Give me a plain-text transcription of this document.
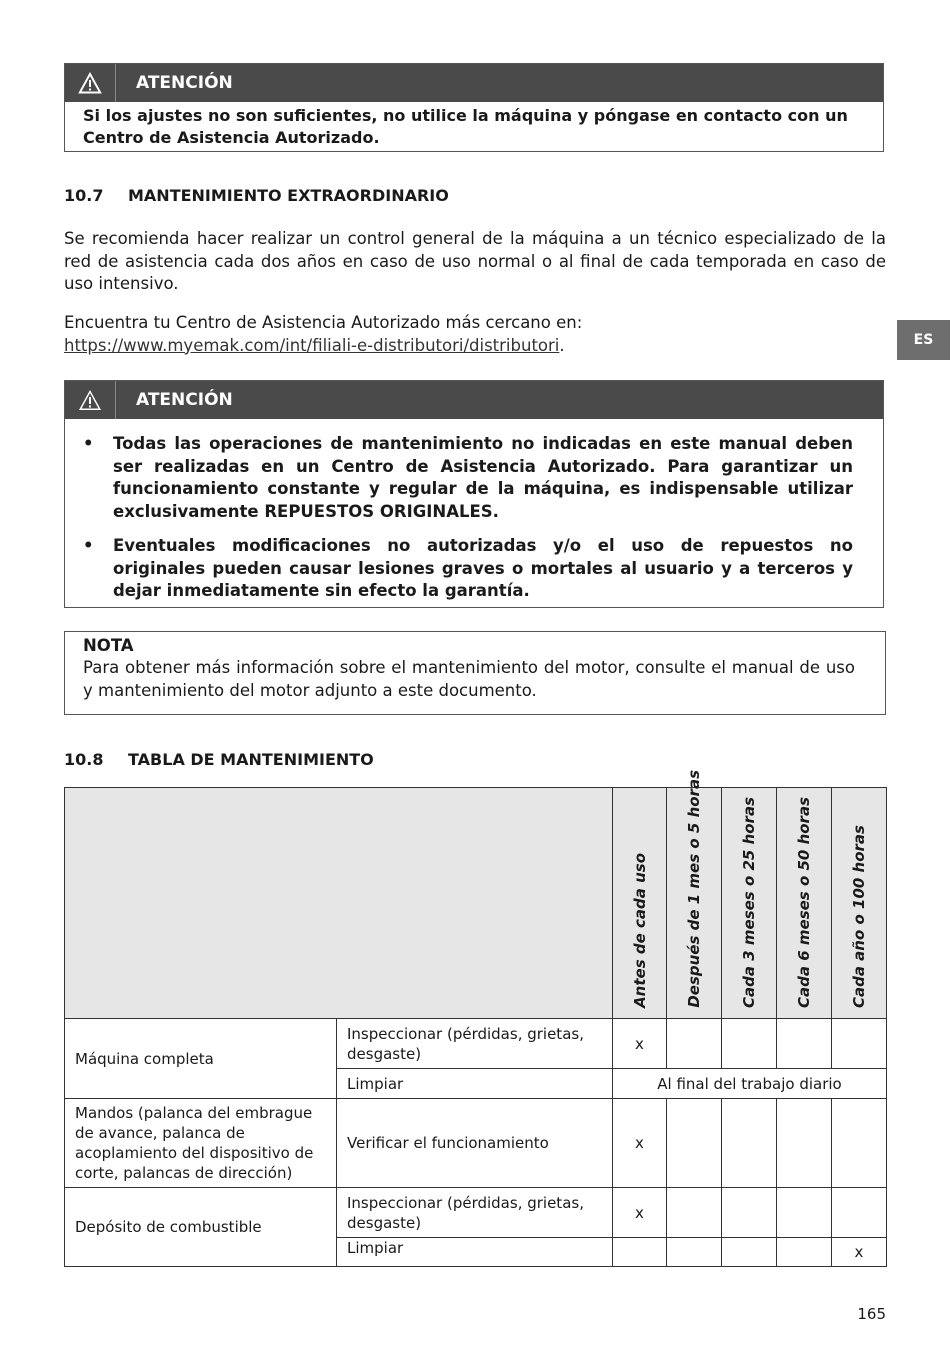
ATENCIÓN
Si los ajustes no son suficientes, no utilice la máquina y póngase en contacto con un Centro de Asistencia Autorizado.
10.7 MANTENIMIENTO EXTRAORDINARIO

Se recomienda hacer realizar un control general de la máquina a un técnico especializado de la red de asistencia cada dos años en caso de uso normal o al final de cada temporada en caso de uso intensivo.

Encuentra tu Centro de Asistencia Autorizado más cercano en:
https://www.myemak.com/int/filiali-e-distributori/distributori.	ES
ATENCIÓN
• Todas las operaciones de mantenimiento no indicadas en este manual deben ser realizadas en un Centro de Asistencia Autorizado. Para garantizar un funcionamiento constante y regular de la máquina, es indispensable utilizar exclusivamente REPUESTOS ORIGINALES.
• Eventuales modificaciones no autorizadas y/o el uso de repuestos no originales pueden causar lesiones graves o mortales al usuario y a terceros y dejar inmediatamente sin efecto la garantía.
NOTA
Para obtener más información sobre el mantenimiento del motor, consulte el manual de uso y mantenimiento del motor adjunto a este documento.
10.8 TABLA DE MANTENIMIENTO

		Antes de cada uso	Después de 1 mes o 5 horas	Cada 3 meses o 25 horas	Cada 6 meses o 50 horas	Cada año o 100 horas

Máquina completa	Inspeccionar (pérdidas, grietas, desgaste)	x				
	Limpiar	Al final del trabajo diario				
Mandos (palanca del embrague de avance, palanca de acoplamiento del dispositivo de corte, palancas de dirección)	Verificar el funcionamiento	x				
Depósito de combustible	Inspeccionar (pérdidas, grietas, desgaste)	x				
	Limpiar					x
165
